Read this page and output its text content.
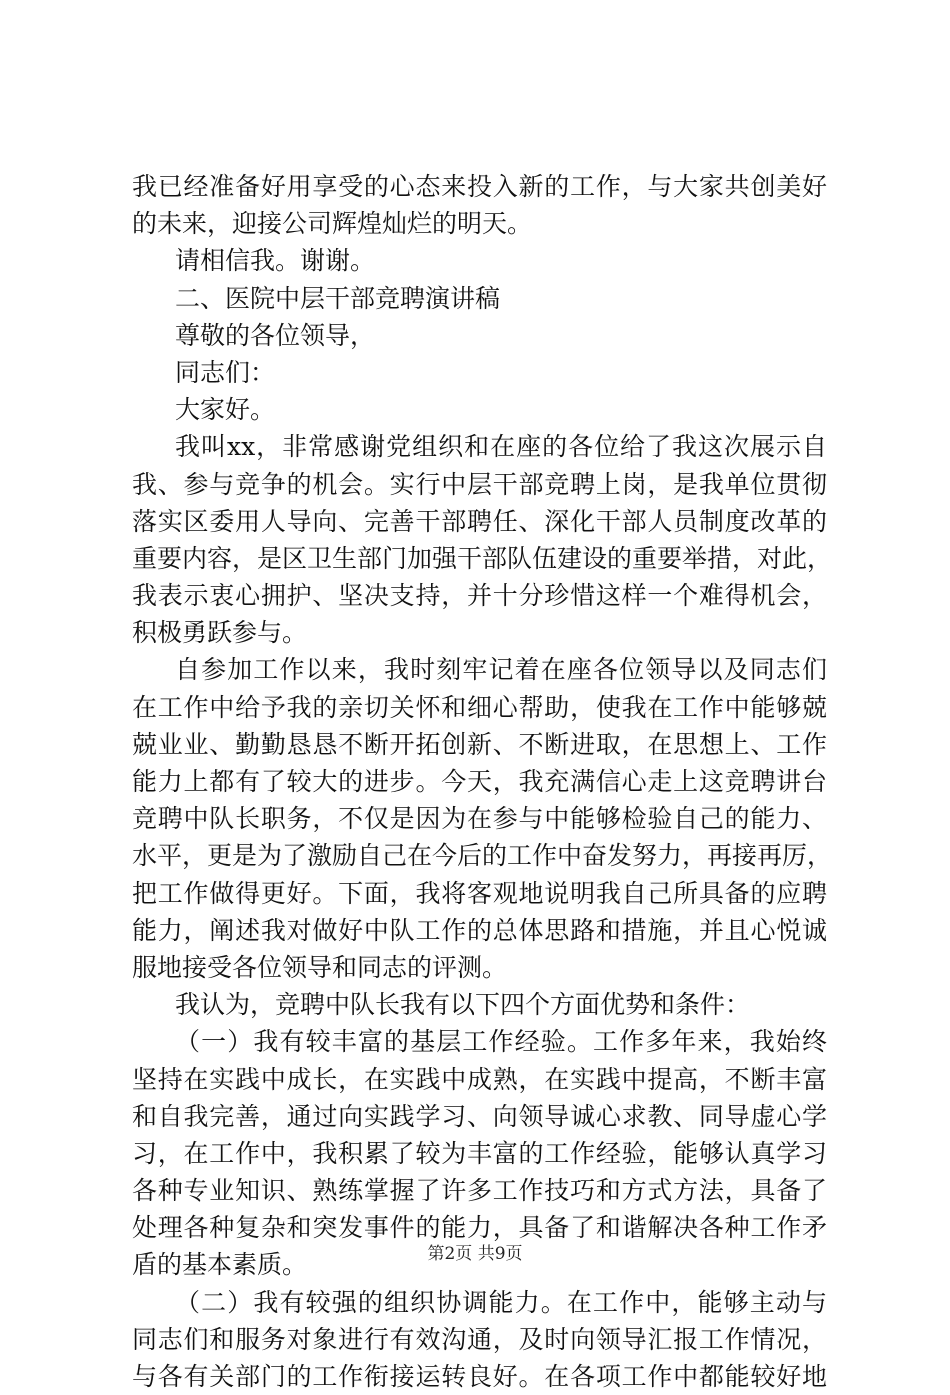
我已经准备好用享受的心态来投入新的工作，与大家共创美好
的未来，迎接公司辉煌灿烂的明天。
请相信我。谢谢。
二、医院中层干部竞聘演讲稿
尊敬的各位领导，
同志们：
大家好。
我叫xx，非常感谢党组织和在座的各位给了我这次展示自
我、参与竞争的机会。实行中层干部竞聘上岗，是我单位贯彻
落实区委用人导向、完善干部聘任、深化干部人员制度改革的
重要内容，是区卫生部门加强干部队伍建设的重要举措，对此，
我表示衷心拥护、坚决支持，并十分珍惜这样一个难得机会，
积极勇跃参与。
自参加工作以来，我时刻牢记着在座各位领导以及同志们
在工作中给予我的亲切关怀和细心帮助，使我在工作中能够兢
兢业业、勤勤恳恳不断开拓创新、不断进取，在思想上、工作
能力上都有了较大的进步。今天，我充满信心走上这竞聘讲台
竞聘中队长职务，不仅是因为在参与中能够检验自己的能力、
水平，更是为了激励自己在今后的工作中奋发努力，再接再厉，
把工作做得更好。下面，我将客观地说明我自己所具备的应聘
能力，阐述我对做好中队工作的总体思路和措施，并且心悦诚
服地接受各位领导和同志的评测。
我认为，竞聘中队长我有以下四个方面优势和条件：
（一）我有较丰富的基层工作经验。工作多年来，我始终
坚持在实践中成长，在实践中成熟，在实践中提高，不断丰富
和自我完善，通过向实践学习、向领导诚心求教、同导虚心学
习，在工作中，我积累了较为丰富的工作经验，能够认真学习
各种专业知识、熟练掌握了许多工作技巧和方式方法，具备了
处理各种复杂和突发事件的能力，具备了和谐解决各种工作矛
盾的基本素质。
（二）我有较强的组织协调能力。在工作中，能够主动与
同志们和服务对象进行有效沟通，及时向领导汇报工作情况，
与各有关部门的工作衔接运转良好。在各项工作中都能较好地
第2页 共9页
